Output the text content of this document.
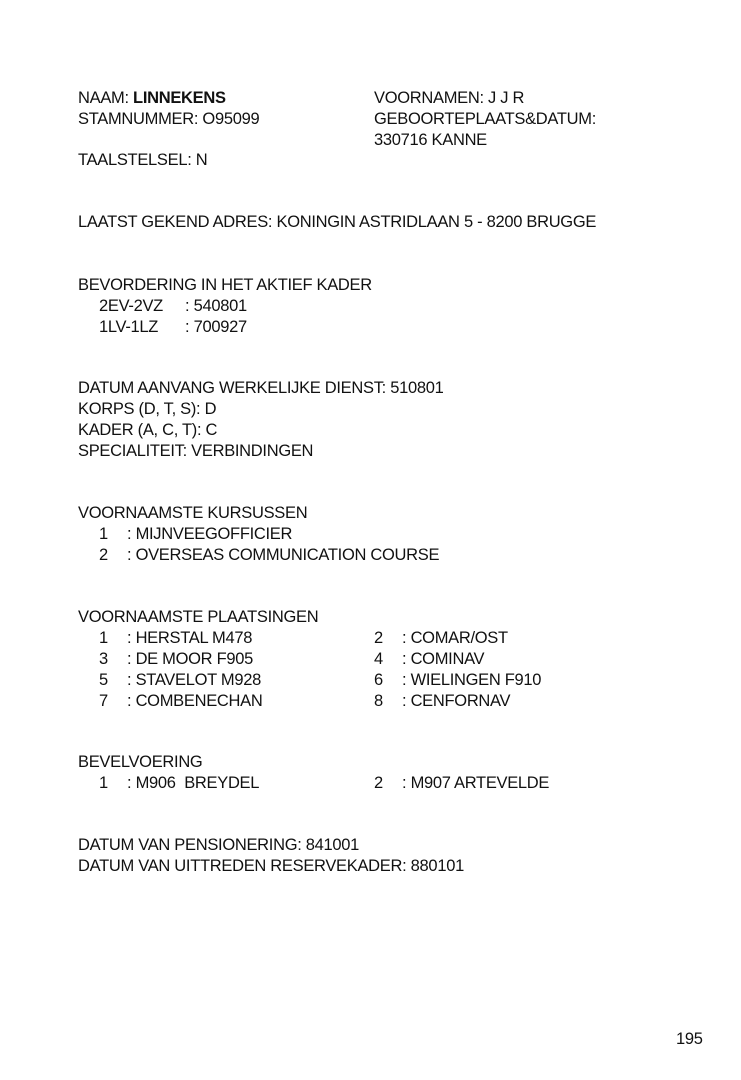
NAAM: LINNEKENS
STAMNUMMER: O95099
VOORNAMEN: J J R
GEBOORTEPLAATS&DATUM:
330716 KANNE
TAALSTELSEL: N
LAATST GEKEND ADRES: KONINGIN ASTRIDLAAN 5 - 8200 BRUGGE
BEVORDERING IN HET AKTIEF KADER
2EV-2VZ : 540801
1LV-1LZ : 700927
DATUM AANVANG WERKELIJKE DIENST: 510801
KORPS (D, T, S): D
KADER (A, C, T): C
SPECIALITEIT: VERBINDINGEN
VOORNAAMSTE KURSUSSEN
1 : MIJNVEEGOFFICIER
2 : OVERSEAS COMMUNICATION COURSE
VOORNAAMSTE PLAATSINGEN
1 : HERSTAL M478	2 : COMAR/OST
3 : DE MOOR F905	4 : COMINAV
5 : STAVELOT M928	6 : WIELINGEN F910
7 : COMBENECHAN	8 : CENFORNAV
BEVELVOERING
1 : M906  BREYDEL	2 : M907 ARTEVELDE
DATUM VAN PENSIONERING: 841001
DATUM VAN UITTREDEN RESERVEKADER: 880101
195
